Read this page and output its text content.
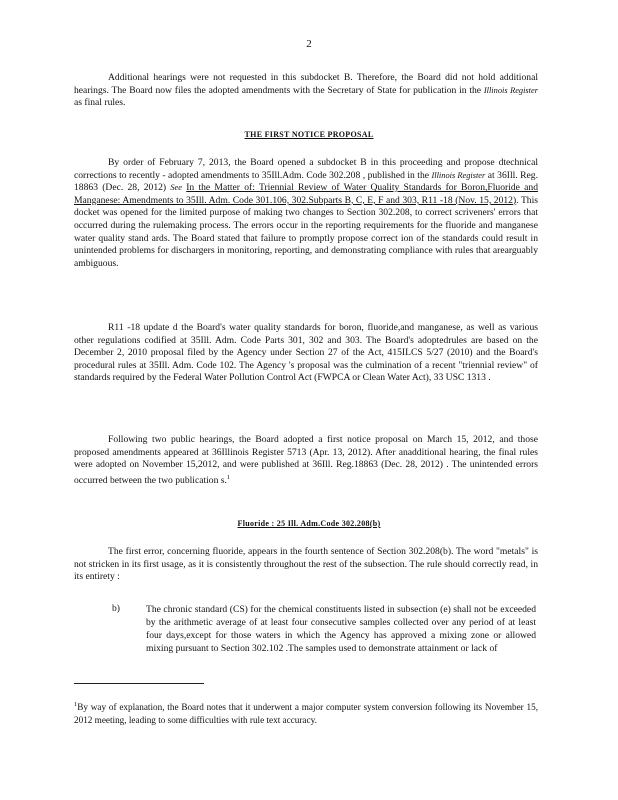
2

Additional hearings were not requested in this subdocket B. Therefore, the Board did not hold additional hearings. The Board now files the adopted amendments with the Secretary of State for publication in the Illinois Register as final rules.

THE FIRST NOTICE PROPOSAL

By order of February 7, 2013, the Board opened a subdocket B in this proceeding and propose dtechnical corrections to recently - adopted amendments to 35Ill.Adm. Code 302.208 , published in the Illinois Register at 36Ill. Reg. 18863 (Dec. 28, 2012) See In the Matter of: Triennial Review of Water Quality Standards for Boron,Fluoride and Manganese: Amendments to 35Ill. Adm. Code 301.106, 302.Subparts B, C, E, F and 303, R11 -18 (Nov. 15, 2012). This docket was opened for the limited purpose of making two changes to Section 302.208, to correct scriveners' errors that occurred during the rulemaking process. The errors occur in the reporting requirements for the fluoride and manganese water quality stand ards. The Board stated that failure to promptly propose correct ion of the standards could result in unintended problems for dischargers in monitoring, reporting, and demonstrating compliance with rules that arearguably ambiguous.

R11 -18 update d the Board's water quality standards for boron, fluoride,and manganese, as well as various other regulations codified at 35Ill. Adm. Code Parts 301, 302 and 303. The Board's adoptedrules are based on the December 2, 2010 proposal filed by the Agency under Section 27 of the Act, 415ILCS 5/27 (2010) and the Board's procedural rules at 35Ill. Adm. Code 102. The Agency 's proposal was the culmination of a recent "triennial review" of standards required by the Federal Water Pollution Control Act (FWPCA or Clean Water Act), 33 USC 1313 .

Following two public hearings, the Board adopted a first notice proposal on March 15, 2012, and those proposed amendments appeared at 36Illinois Register 5713 (Apr. 13, 2012). After anadditional hearing, the final rules were adopted on November 15,2012, and were published at 36Ill. Reg.18863 (Dec. 28, 2012) . The unintended errors occurred between the two publication s.$^1$

Fluoride : 25 Ill. Adm.Code 302.208(b)

The first error, concerning fluoride, appears in the fourth sentence of Section 302.208(b). The word "metals" is not stricken in its first usage, as it is consistently throughout the rest of the subsection. The rule should correctly read, in its entirety :

b)	The chronic standard (CS) for the chemical constituents listed in subsection (e) shall not be exceeded by the arithmetic average of at least four consecutive samples collected over any period of at least four days,except for those waters in which the Agency has approved a mixing zone or allowed mixing pursuant to Section 302.102 .The samples used to demonstrate attainment or lack of

$^1$By way of explanation, the Board notes that it underwent a major computer system conversion following its November 15, 2012 meeting, leading to some difficulties with rule text accuracy.
